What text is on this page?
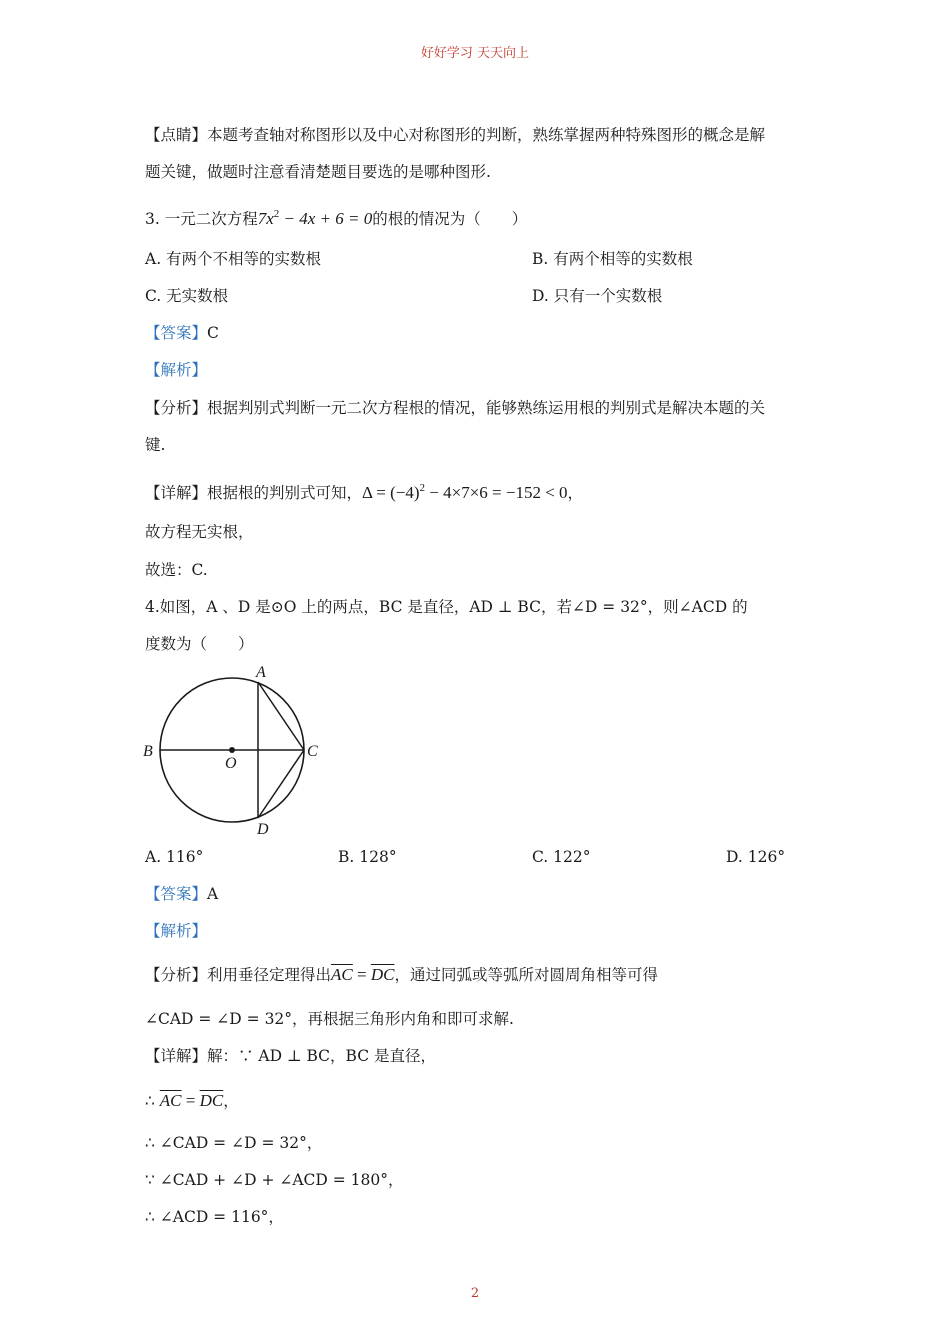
好好学习 天天向上
【点睛】本题考查轴对称图形以及中心对称图形的判断，熟练掌握两种特殊图形的概念是解
题关键，做题时注意看清楚题目要选的是哪种图形.
3. 一元二次方程$7x^2 - 4x + 6 = 0$的根的情况为（　　）
A. 有两个不相等的实数根	B. 有两个相等的实数根
C. 无实数根	D. 只有一个实数根
【答案】C
【解析】
【分析】根据判别式判断一元二次方程根的情况，能够熟练运用根的判别式是解决本题的关
键.
【详解】根据根的判别式可知，$\Delta = (-4)^2 - 4\times 7\times 6 = -152 < 0$，
故方程无实根，
故选：C.
4.如图，A 、D 是⊙O 上的两点，BC 是直径，AD ⊥ BC，若∠D = 32°，则∠ACD 的
度数为（　　）
A
B	C
D
O
A. 116°	B. 128°	C. 122°	D. 126°
【答案】A
【解析】
【分析】利用垂径定理得出$\overline{AC} = \overline{DC}$，通过同弧或等弧所对圆周角相等可得
∠CAD = ∠D = 32°，再根据三角形内角和即可求解.
【详解】解：∵ AD ⊥ BC，BC 是直径，
∴ $\overline{AC} = \overline{DC}$，
∴ ∠CAD = ∠D = 32°，
∵ ∠CAD + ∠D + ∠ACD = 180°，
∴ ∠ACD = 116°，
2
